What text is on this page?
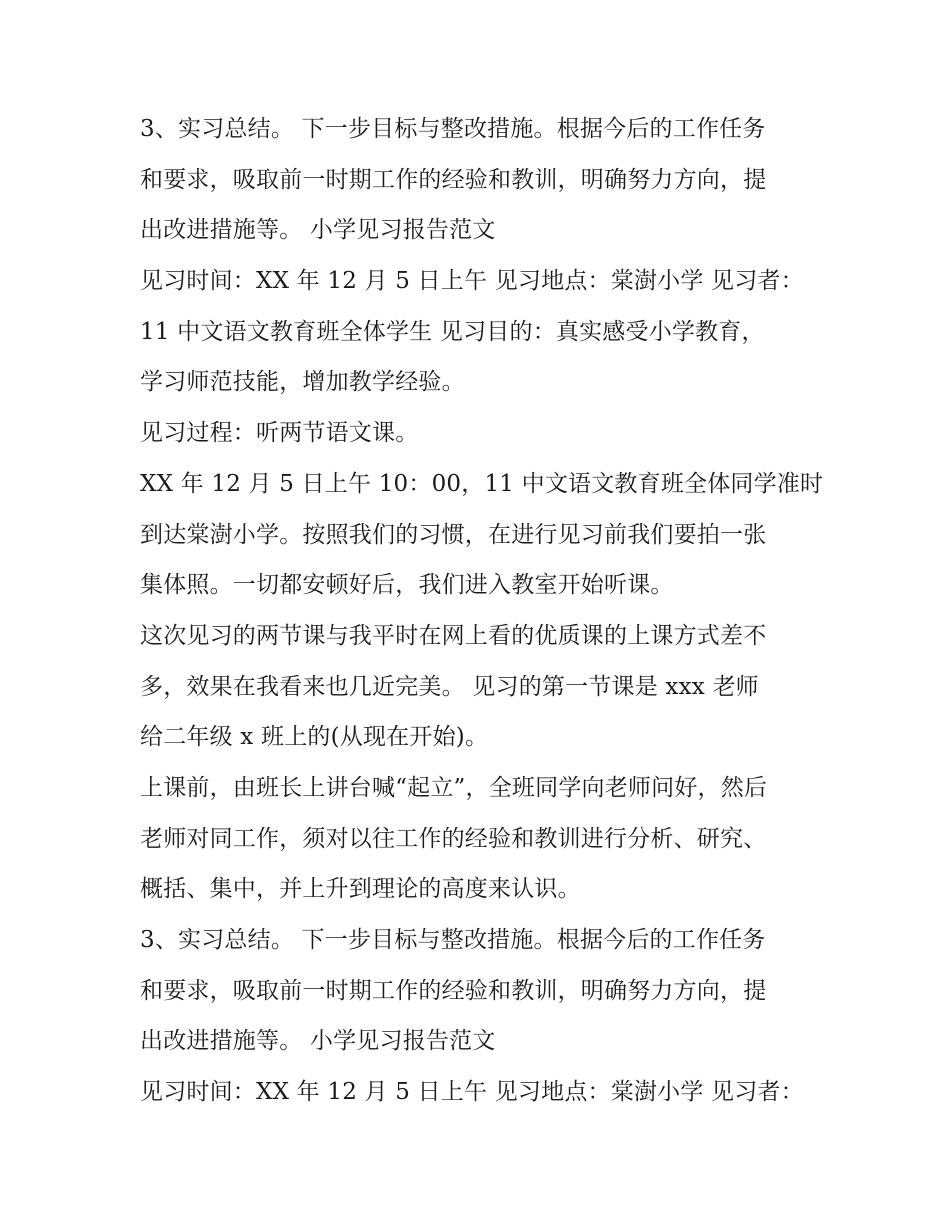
3、实习总结。 下一步目标与整改措施。根据今后的工作任务
和要求，吸取前一时期工作的经验和教训，明确努力方向，提
出改进措施等。 小学见习报告范文
见习时间：XX 年 12 月 5 日上午 见习地点：棠澍小学 见习者：
11 中文语文教育班全体学生 见习目的：真实感受小学教育，
学习师范技能，增加教学经验。
见习过程：听两节语文课。
XX 年 12 月 5 日上午 10：00，11 中文语文教育班全体同学准时
到达棠澍小学。按照我们的习惯，在进行见习前我们要拍一张
集体照。一切都安顿好后，我们进入教室开始听课。
这次见习的两节课与我平时在网上看的优质课的上课方式差不
多，效果在我看来也几近完美。 见习的第一节课是 xxx 老师
给二年级 x 班上的(从现在开始)。
上课前，由班长上讲台喊“起立”，全班同学向老师问好，然后
老师对同工作，须对以往工作的经验和教训进行分析、研究、
概括、集中，并上升到理论的高度来认识。
3、实习总结。 下一步目标与整改措施。根据今后的工作任务
和要求，吸取前一时期工作的经验和教训，明确努力方向，提
出改进措施等。 小学见习报告范文
见习时间：XX 年 12 月 5 日上午 见习地点：棠澍小学 见习者：
